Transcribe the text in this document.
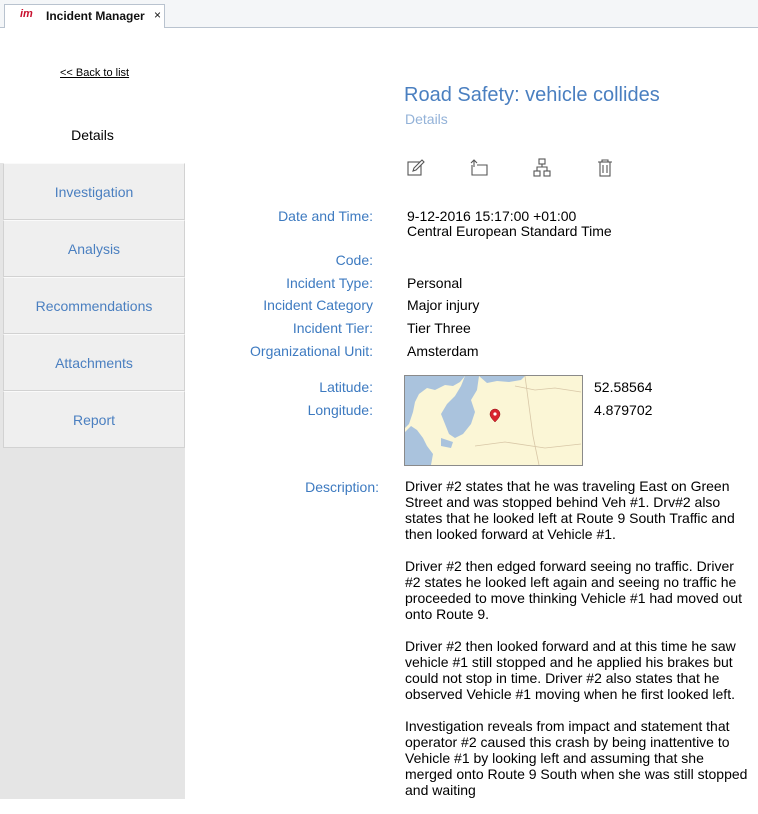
im Incident Manager ×
<< Back to list
Details
Investigation
Analysis
Recommendations
Attachments
Report
Road Safety: vehicle collides
Details
Date and Time: 9-12-2016 15:17:00 +01:00
Central European Standard Time
Code:
Incident Type: Personal
Incident Category Major injury
Incident Tier: Tier Three
Organizational Unit: Amsterdam
Latitude:
Longitude:
52.58564
4.879702
Description: Driver #2 states that he was traveling East on Green Street and was stopped behind Veh #1. Drv#2 also states that he looked left at Route 9 South Traffic and then looked forward at Vehicle #1.

Driver #2 then edged forward seeing no traffic. Driver #2 states he looked left again and seeing no traffic he proceeded to move thinking Vehicle #1 had moved out onto Route 9.

Driver #2 then looked forward and at this time he saw vehicle #1 still stopped and he applied his brakes but could not stop in time. Driver #2 also states that he observed Vehicle #1 moving when he first looked left.

Investigation reveals from impact and statement that operator #2 caused this crash by being inattentive to Vehicle #1 by looking left and assuming that she merged onto Route 9 South when she was still stopped and waiting
